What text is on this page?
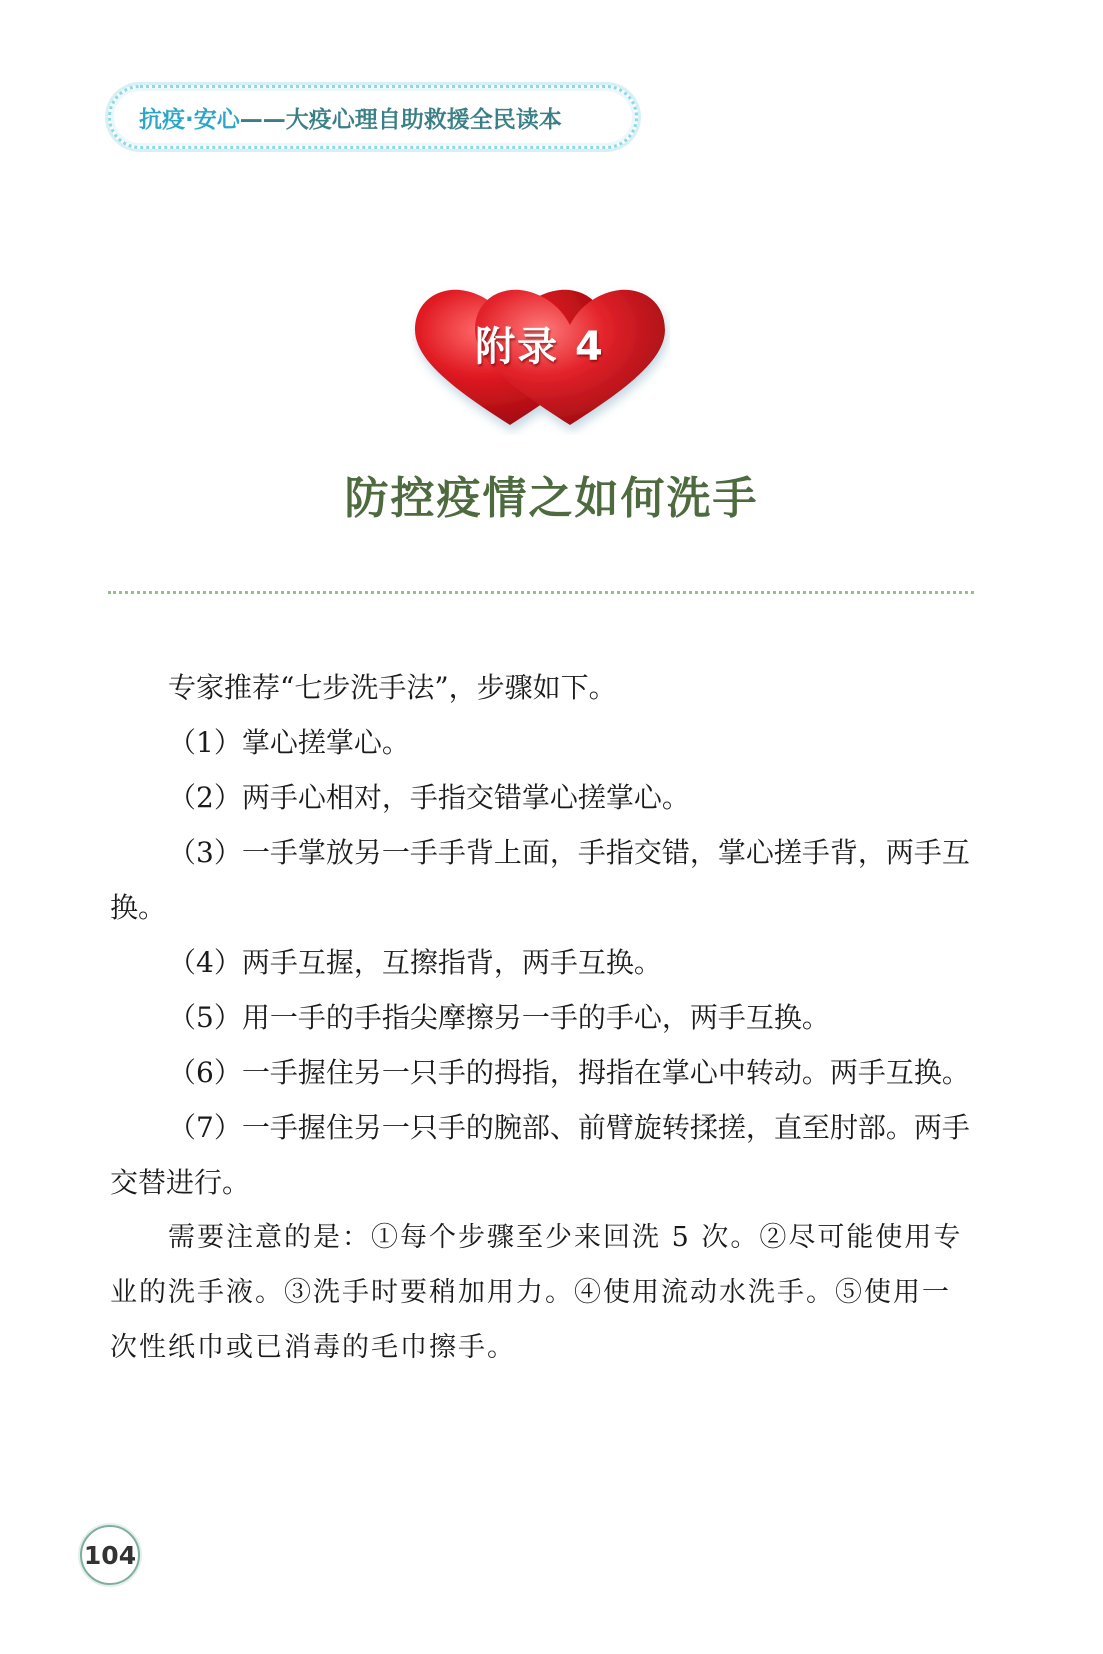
抗疫·安心 ——大疫心理自助救援全民读本
附录 4
防控疫情之如何洗手

专家推荐“七步洗手法”，步骤如下。

（1）掌心搓掌心。

（2）两手心相对，手指交错掌心搓掌心。

（3）一手掌放另一手手背上面，手指交错，掌心搓手背，两手互换。

（4）两手互握，互擦指背，两手互换。

（5）用一手的手指尖摩擦另一手的手心，两手互换。

（6）一手握住另一只手的拇指，拇指在掌心中转动。两手互换。

（7）一手握住另一只手的腕部、前臂旋转揉搓，直至肘部。两手交替进行。

需要注意的是：①每个步骤至少来回洗 5 次。②尽可能使用专业的洗手液。③洗手时要稍加用力。④使用流动水洗手。⑤使用一次性纸巾或已消毒的毛巾擦手。

104
